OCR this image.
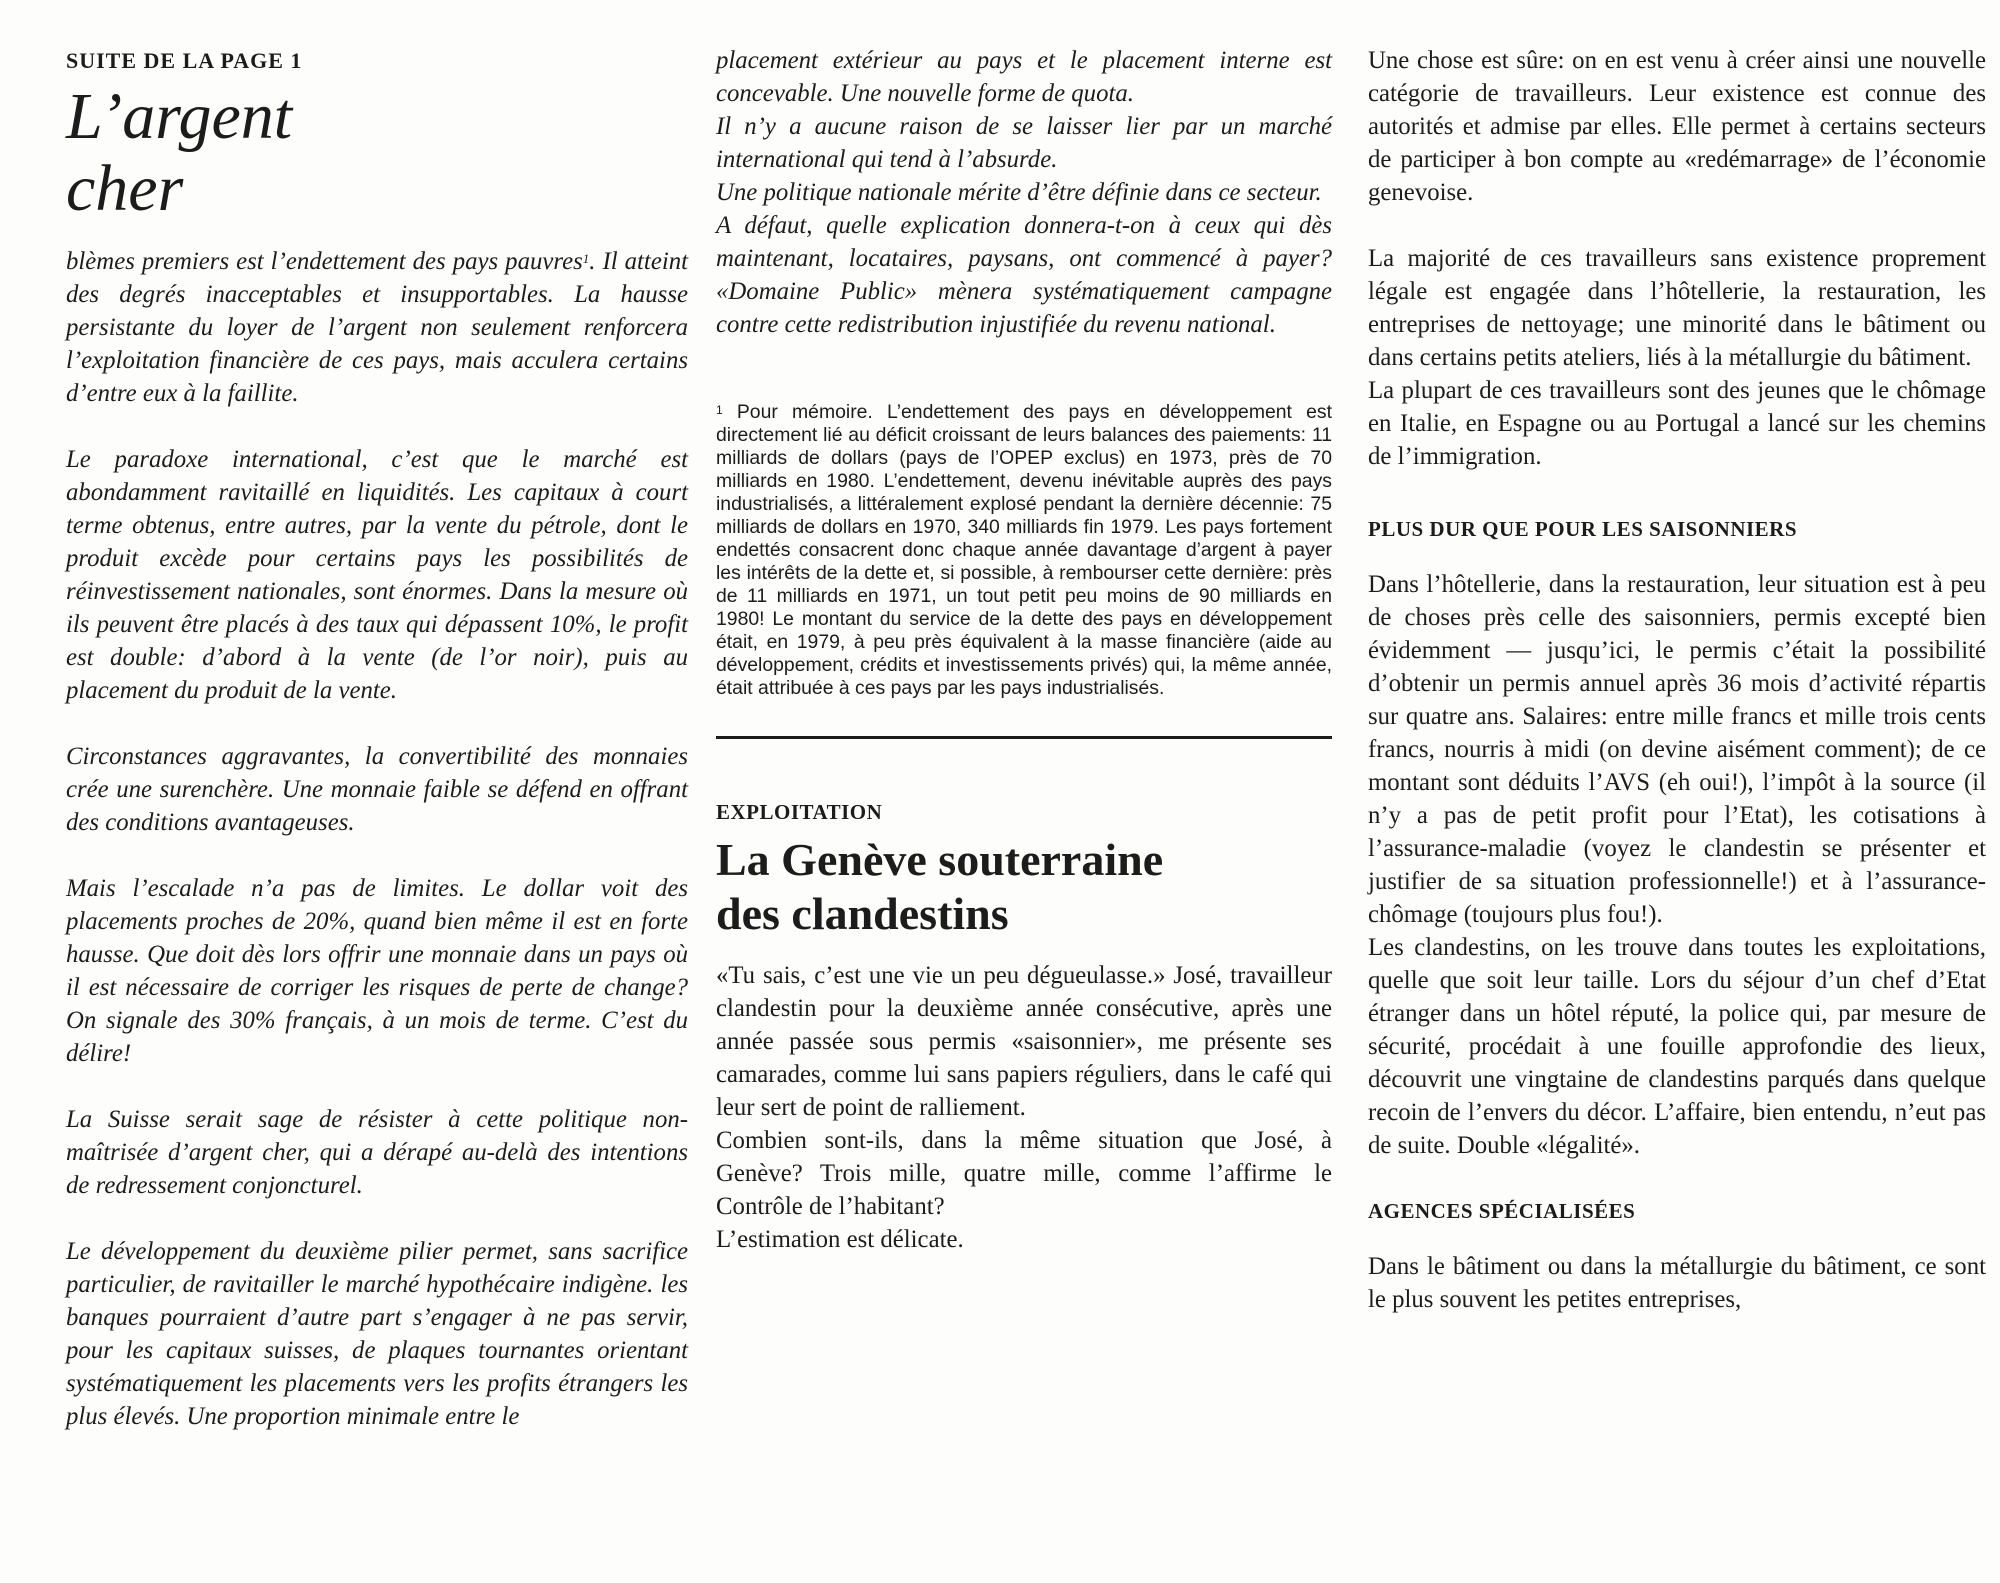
SUITE DE LA PAGE 1
L’argent
cher

blèmes premiers est l’endettement des pays pauvres$^1$. Il atteint des degrés inacceptables et insupportables. La hausse persistante du loyer de l’argent non seulement renforcera l’exploitation financière de ces pays, mais acculera certains d’entre eux à la faillite.

Le paradoxe international, c’est que le marché est abondamment ravitaillé en liquidités. Les capitaux à court terme obtenus, entre autres, par la vente du pétrole, dont le produit excède pour certains pays les possibilités de réinvestissement nationales, sont énormes. Dans la mesure où ils peuvent être placés à des taux qui dépassent 10%, le profit est double: d’abord à la vente (de l’or noir), puis au placement du produit de la vente.

Circonstances aggravantes, la convertibilité des monnaies crée une surenchère. Une monnaie faible se défend en offrant des conditions avantageuses.

Mais l’escalade n’a pas de limites. Le dollar voit des placements proches de 20%, quand bien même il est en forte hausse. Que doit dès lors offrir une monnaie dans un pays où il est nécessaire de corriger les risques de perte de change? On signale des 30% français, à un mois de terme. C’est du délire!

La Suisse serait sage de résister à cette politique non-maîtrisée d’argent cher, qui a dérapé au-delà des intentions de redressement conjoncturel.

Le développement du deuxième pilier permet, sans sacrifice particulier, de ravitailler le marché hypothécaire indigène. les banques pourraient d’autre part s’engager à ne pas servir, pour les capitaux suisses, de plaques tournantes orientant systématiquement les placements vers les profits étrangers les plus élevés. Une proportion minimale entre le

placement extérieur au pays et le placement interne est concevable. Une nouvelle forme de quota.

Il n’y a aucune raison de se laisser lier par un marché international qui tend à l’absurde.

Une politique nationale mérite d’être définie dans ce secteur.

A défaut, quelle explication donnera-t-on à ceux qui dès maintenant, locataires, paysans, ont commencé à payer? «Domaine Public» mènera systématiquement campagne contre cette redistribution injustifiée du revenu national.

$^1$ Pour mémoire. L’endettement des pays en développement est directement lié au déficit croissant de leurs balances des paiements: 11 milliards de dollars (pays de l’OPEP exclus) en 1973, près de 70 milliards en 1980. L’endettement, devenu inévitable auprès des pays industrialisés, a littéralement explosé pendant la dernière décennie: 75 milliards de dollars en 1970, 340 milliards fin 1979. Les pays fortement endettés consacrent donc chaque année davantage d’argent à payer les intérêts de la dette et, si possible, à rembourser cette dernière: près de 11 milliards en 1971, un tout petit peu moins de 90 milliards en 1980! Le montant du service de la dette des pays en développement était, en 1979, à peu près équivalent à la masse financière (aide au développement, crédits et investissements privés) qui, la même année, était attribuée à ces pays par les pays industrialisés.
EXPLOITATION
La Genève souterraine
des clandestins

«Tu sais, c’est une vie un peu dégueulasse.» José, travailleur clandestin pour la deuxième année consécutive, après une année passée sous permis «saisonnier», me présente ses camarades, comme lui sans papiers réguliers, dans le café qui leur sert de point de ralliement.

Combien sont-ils, dans la même situation que José, à Genève? Trois mille, quatre mille, comme l’affirme le Contrôle de l’habitant?

L’estimation est délicate.

Une chose est sûre: on en est venu à créer ainsi une nouvelle catégorie de travailleurs. Leur existence est connue des autorités et admise par elles. Elle permet à certains secteurs de participer à bon compte au «redémarrage» de l’économie genevoise.

La majorité de ces travailleurs sans existence proprement légale est engagée dans l’hôtellerie, la restauration, les entreprises de nettoyage; une minorité dans le bâtiment ou dans certains petits ateliers, liés à la métallurgie du bâtiment.

La plupart de ces travailleurs sont des jeunes que le chômage en Italie, en Espagne ou au Portugal a lancé sur les chemins de l’immigration.

PLUS DUR QUE POUR LES SAISONNIERS

Dans l’hôtellerie, dans la restauration, leur situation est à peu de choses près celle des saisonniers, permis excepté bien évidemment — jusqu’ici, le permis c’était la possibilité d’obtenir un permis annuel après 36 mois d’activité répartis sur quatre ans. Salaires: entre mille francs et mille trois cents francs, nourris à midi (on devine aisément comment); de ce montant sont déduits l’AVS (eh oui!), l’impôt à la source (il n’y a pas de petit profit pour l’Etat), les cotisations à l’assurance-maladie (voyez le clandestin se présenter et justifier de sa situation professionnelle!) et à l’assurance-chômage (toujours plus fou!).

Les clandestins, on les trouve dans toutes les exploitations, quelle que soit leur taille. Lors du séjour d’un chef d’Etat étranger dans un hôtel réputé, la police qui, par mesure de sécurité, procédait à une fouille approfondie des lieux, découvrit une vingtaine de clandestins parqués dans quelque recoin de l’envers du décor. L’affaire, bien entendu, n’eut pas de suite. Double «légalité».

AGENCES SPÉCIALISÉES

Dans le bâtiment ou dans la métallurgie du bâtiment, ce sont le plus souvent les petites entreprises,
